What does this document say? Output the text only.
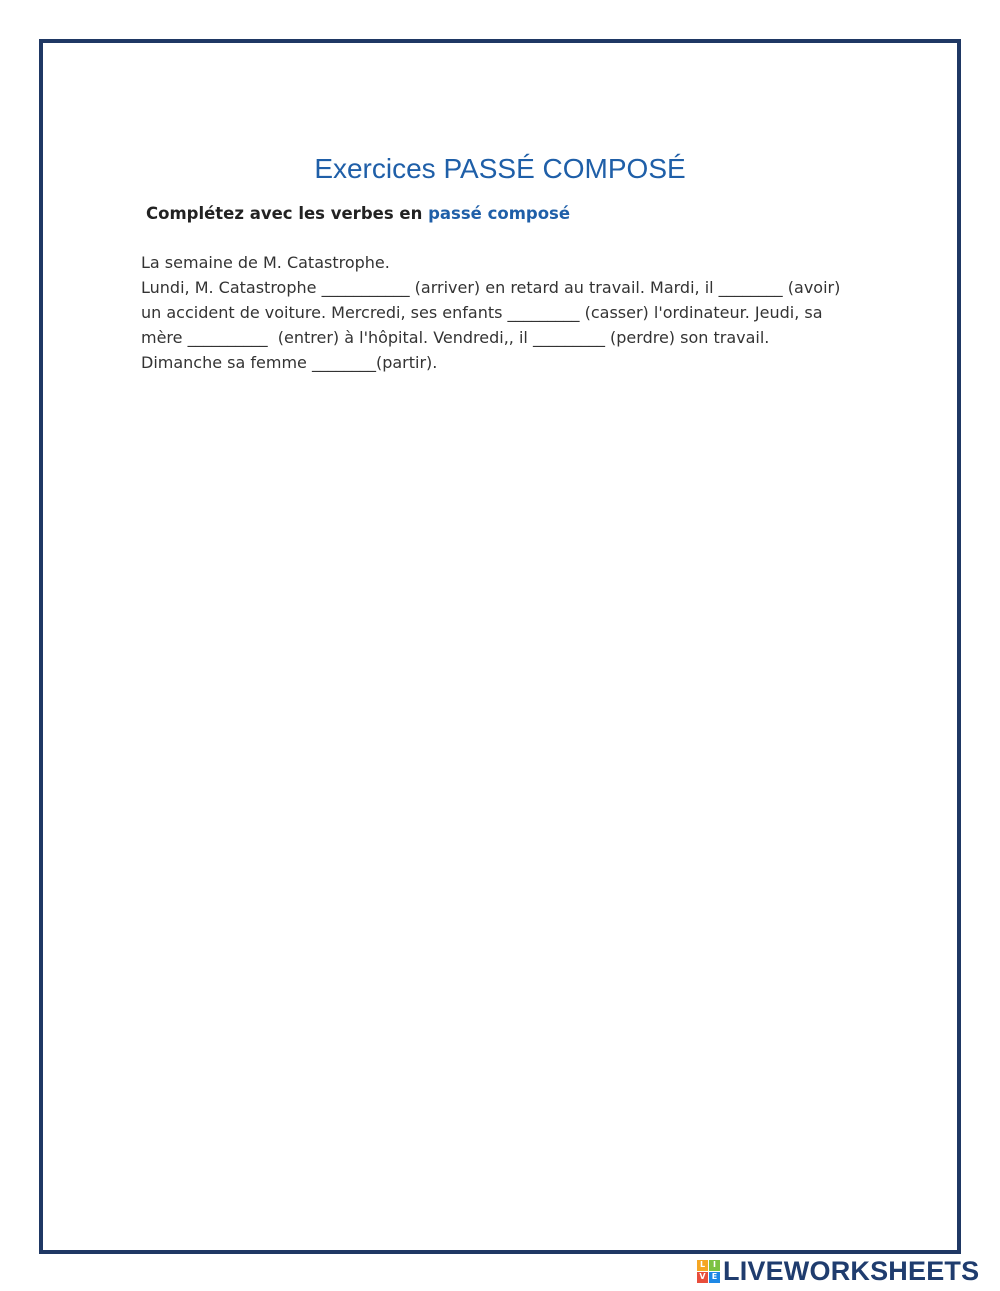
Exercices PASSÉ COMPOSÉ
Complétez avec les verbes en passé composé
La semaine de M. Catastrophe.
Lundi, M. Catastrophe ___________ (arriver) en retard au travail. Mardi, il ________ (avoir)
un accident de voiture. Mercredi, ses enfants _________ (casser) l'ordinateur. Jeudi, sa
mère __________  (entrer) à l'hôpital. Vendredi,, il _________ (perdre) son travail.
Dimanche sa femme ________(partir).
L I
V E LIVEWORKSHEETS
